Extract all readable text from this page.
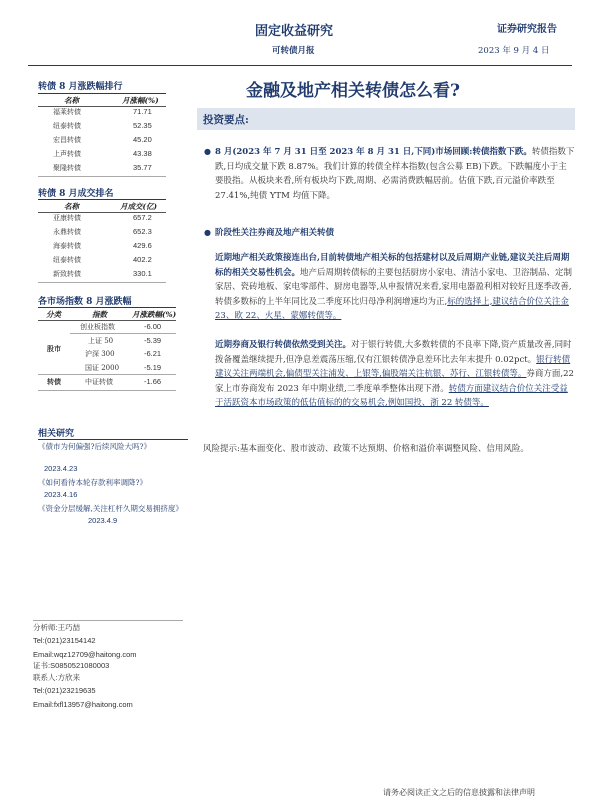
固定收益研究
可转债月报
证券研究报告
2023 年 9 月 4 日
金融及地产相关转债怎么看?
转债 8 月涨跌幅排行
名称	月涨幅(%)
福莱转债	71.71
纽泰转债	52.35
宏昌转债	45.20
上声转债	43.38
聚隆转债	35.77
转债 8 月成交排名
名称	月成交(亿)
亚康转债	657.2
永鼎转债	652.3
海泰转债	429.6
纽泰转债	402.2
新致转债	330.1
各市场指数 8 月涨跌幅
分类	指数	月涨跌幅(%)
创业板指数	-6.00
上证 50	-5.39
股市
沪深 300	-6.21
国证 2000	-5.19
转债	中证转债	-1.66
相关研究
《债市为何偏强?后续风险大吗?》
2023.4.23
《如何看待本轮存款利率调降?》
2023.4.16
《资金分层缓解,关注杠杆久期交易拥挤度》
2023.4.9
分析师:王巧喆
Tel:(021)23154142
Email:wqz12709@haitong.com
证书:S0850521080003
联系人:方欣来
Tel:(021)23219635
Email:fxfl13957@haitong.com
投资要点:
● 8 月(2023 年 7 月 31 日至 2023 年 8 月 31 日,下同)市场回顾:转债指数下跌。转债指数下跌,日均成交量下跌 8.87%。我们计算的转债全样本指数(包含公募 EB)下跌。下跌幅度小于主要股指。从板块来看,所有板块均下跌,周期、必需消费跌幅居前。估值下跌,百元溢价率跌至 27.41%,纯债 YTM 均值下降。
● 阶段性关注券商及地产相关转债
近期地产相关政策接连出台,目前转债地产相关标的包括建材以及后周期产业链,建议关注后周期标的相关交易性机会。地产后周期转债标的主要包括厨房小家电、清洁小家电、卫浴制品、定制家居、瓷砖地板、家电零部件、厨房电器等,从申报情况来看,家用电器盈利相对较好且逐季改善,转债多数标的上半年同比及二季度环比归母净利润增速均为正,标的选择上,建议结合价位关注金 23、欧 22、火星、蒙娜转债等。
近期券商及银行转债依然受到关注。对于银行转债,大多数转债的不良率下降,资产质量改善,同时拨备覆盖继续提升,但净息差震荡压缩,仅有江银转债净息差环比去年末提升 0.02pct。银行转债建议关注两端机会,偏债型关注浦发、上银等,偏股端关注杭银、苏行、江银转债等。券商方面,22 家上市券商发布 2023 年中期业绩,二季度单季整体出现下滑。转债方面建议结合价位关注受益于活跃资本市场政策的低估值标的的交易机会,例如国投、浙 22 转债等。
风险提示:基本面变化、股市波动、政策不达预期、价格和溢价率调整风险、信用风险。
请务必阅读正文之后的信息披露和法律声明
